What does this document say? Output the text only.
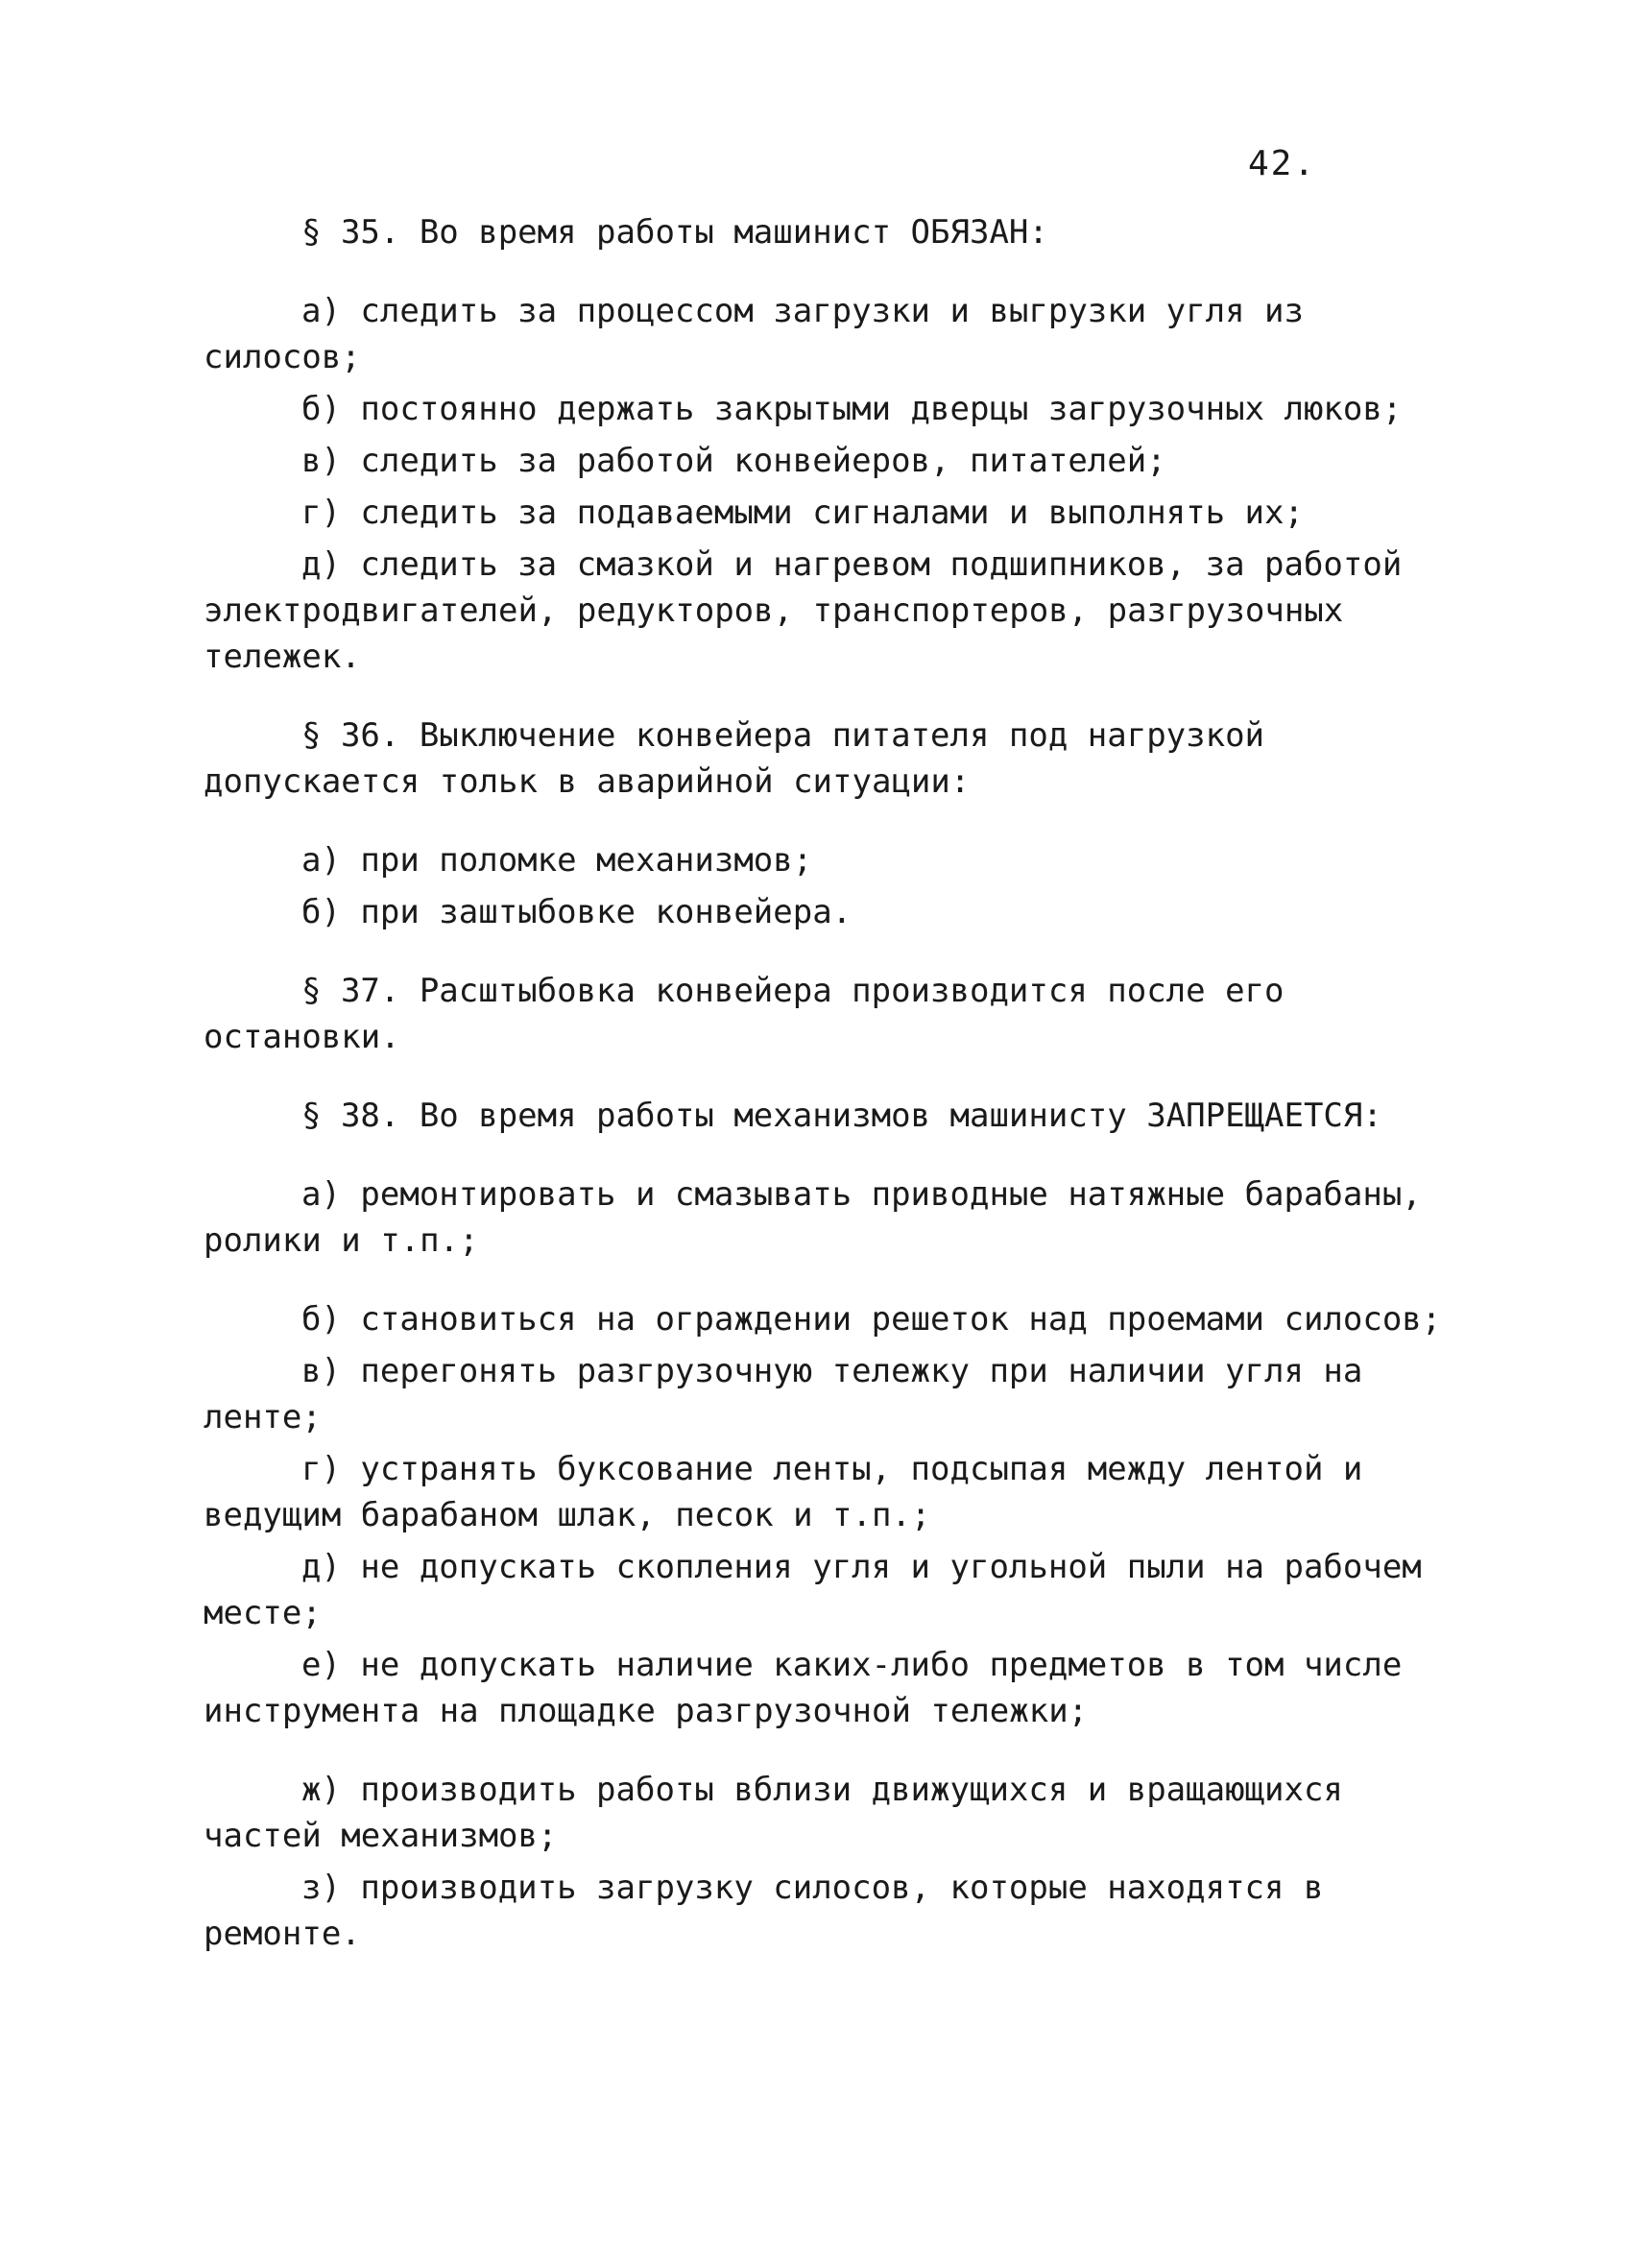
42.

§ 35. Во время работы машинист ОБЯЗАН:

а) следить за процессом загрузки и выгрузки угля из силосов;

б) постоянно держать закрытыми дверцы загрузочных люков;

в) следить за работой конвейеров, питателей;

г) следить за подаваемыми сигналами и выполнять их;

д) следить за смазкой и нагревом подшипников, за работой электродвигателей, редукторов, транспортеров, разгрузочных тележек.

§ 36. Выключение конвейера питателя под нагрузкой допускается тольк в аварийной ситуации:

а) при поломке механизмов;

б) при заштыбовке конвейера.

§ 37. Расштыбовка конвейера производится после его остановки.

§ 38. Во время работы механизмов машинисту ЗАПРЕЩАЕТСЯ:

а) ремонтировать и смазывать приводные натяжные барабаны, ролики и т.п.;

б) становиться на ограждении решеток над проемами силосов;

в) перегонять разгрузочную тележку при наличии угля на ленте;

г) устранять буксование ленты, подсыпая между лентой и ведущим барабаном шлак, песок и т.п.;

д) не допускать скопления угля и угольной пыли на рабочем месте;

е) не допускать наличие каких-либо предметов в том числе инструмента на площадке разгрузочной тележки;

ж) производить работы вблизи движущихся и вращающихся частей механизмов;

з) производить загрузку силосов, которые находятся в ремонте.
